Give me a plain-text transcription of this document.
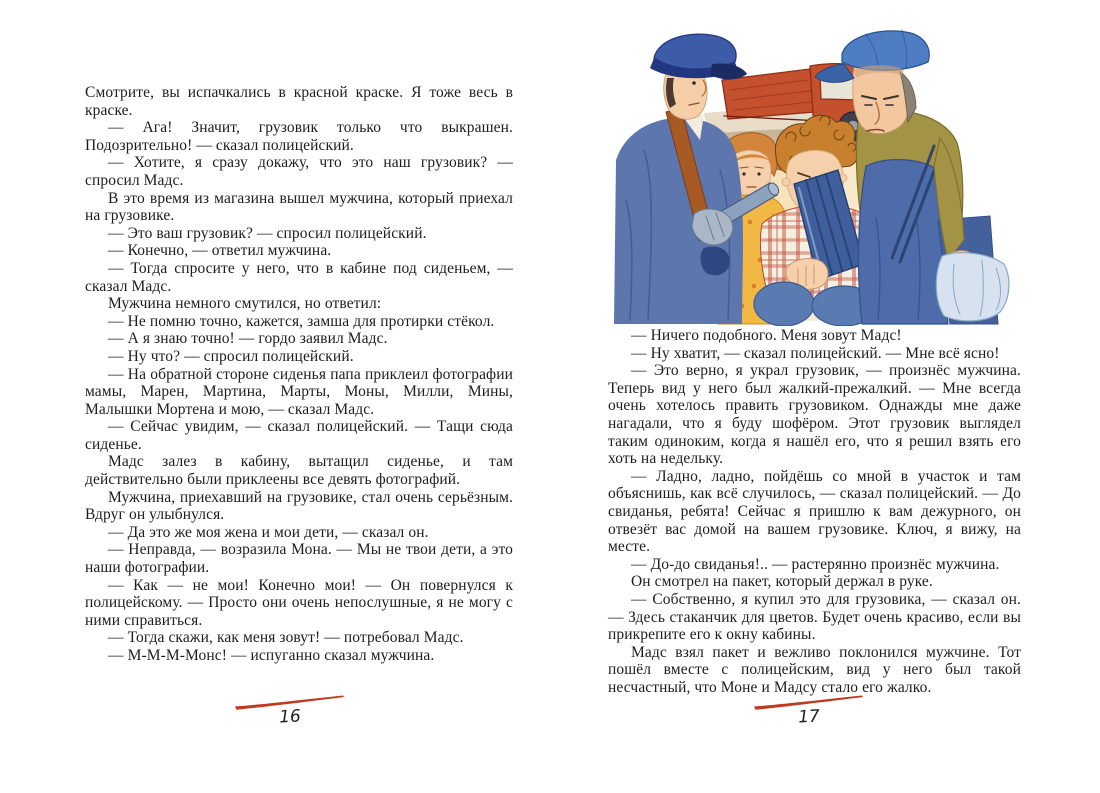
Смотрите, вы испачкались в красной краске. Я тоже весь в краске.

— Ага! Значит, грузовик только что выкрашен. Подозрительно! — сказал полицейский.

— Хотите, я сразу докажу, что это наш грузовик? — спросил Мадс.

В это время из магазина вышел мужчина, который приехал на грузовике.

— Это ваш грузовик? — спросил полицейский.

— Конечно, — ответил мужчина.

— Тогда спросите у него, что в кабине под сиденьем, — сказал Мадс.

Мужчина немного смутился, но ответил:

— Не помню точно, кажется, замша для протирки стёкол.

— А я знаю точно! — гордо заявил Мадс.

— Ну что? — спросил полицейский.

— На обратной стороне сиденья папа приклеил фотографии мамы, Марен, Мартина, Марты, Моны, Милли, Мины, Малышки Мортена и мою, — сказал Мадс.

— Сейчас увидим, — сказал полицейский. — Тащи сюда сиденье.

Мадс залез в кабину, вытащил сиденье, и там действительно были приклеены все девять фотографий.

Мужчина, приехавший на грузовике, стал очень серьёзным. Вдруг он улыбнулся.

— Да это же моя жена и мои дети, — сказал он.

— Неправда, — возразила Мона. — Мы не твои дети, а это наши фотографии.

— Как — не мои! Конечно мои! — Он повернулся к полицейскому. — Просто они очень непослушные, я не могу с ними справиться.

— Тогда скажи, как меня зовут! — потребовал Мадс.

— М-М-М-Монс! — испуганно сказал мужчина.

16

— Ничего подобного. Меня зовут Мадс!

— Ну хватит, — сказал полицейский. — Мне всё ясно!

— Это верно, я украл грузовик, — произнёс мужчина. Теперь вид у него был жалкий-прежалкий. — Мне всегда очень хотелось править грузовиком. Однажды мне даже нагадали, что я буду шофёром. Этот грузовик выглядел таким одиноким, когда я нашёл его, что я решил взять его хоть на недельку.

— Ладно, ладно, пойдёшь со мной в участок и там объяснишь, как всё случилось, — сказал полицейский. — До свиданья, ребята! Сейчас я пришлю к вам дежурного, он отвезёт вас домой на вашем грузовике. Ключ, я вижу, на месте.

— До-до свиданья!.. — растерянно произнёс мужчина.

Он смотрел на пакет, который держал в руке.

— Собственно, я купил это для грузовика, — сказал он. — Здесь стаканчик для цветов. Будет очень красиво, если вы прикрепите его к окну кабины.

Мадс взял пакет и вежливо поклонился мужчине. Тот пошёл вместе с полицейским, вид у него был такой несчастный, что Моне и Мадсу стало его жалко.

17
